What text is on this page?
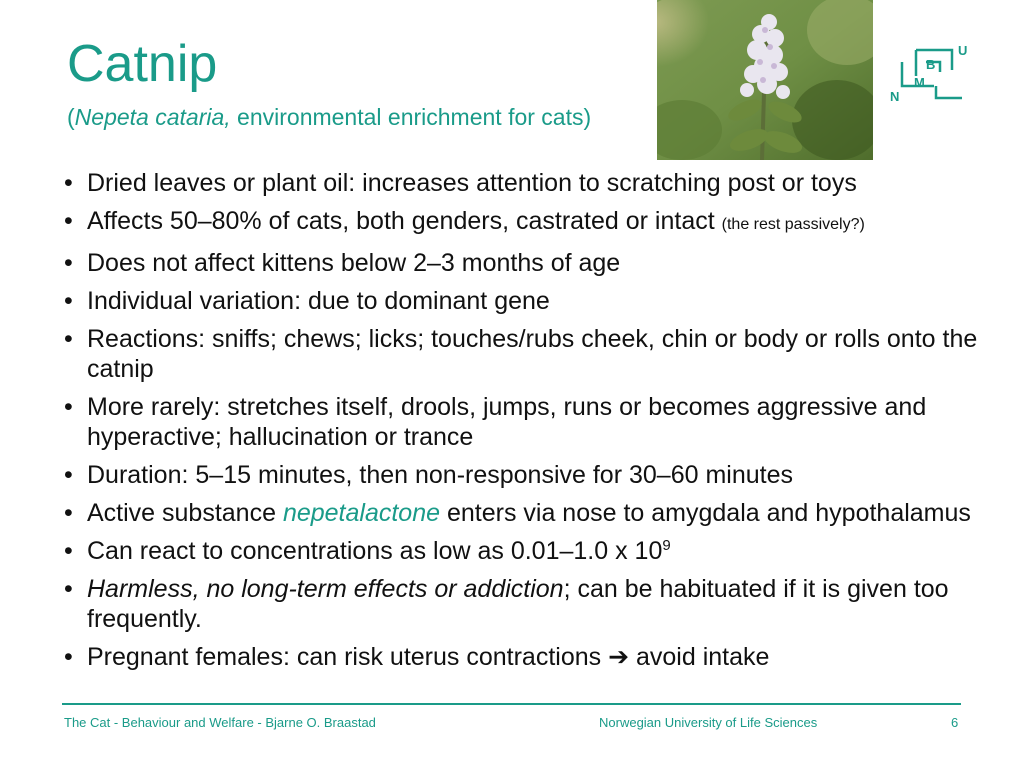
Catnip
(Nepeta cataria, environmental enrichment for cats)
U
B
M
N
• Dried leaves or plant oil: increases attention to scratching post or toys
• Affects 50–80% of cats, both genders, castrated or intact (the rest passively?)
• Does not affect kittens below 2–3 months of age
• Individual variation: due to dominant gene
• Reactions: sniffs; chews; licks; touches/rubs cheek, chin or body or rolls onto the catnip
• More rarely: stretches itself, drools, jumps, runs or becomes aggressive and hyperactive; hallucination or trance
• Duration: 5–15 minutes, then non-responsive for 30–60 minutes
• Active substance nepetalactone enters via nose to amygdala and hypothalamus
• Can react to concentrations as low as 0.01–1.0 x $10^9$
• Harmless, no long-term effects or addiction; can be habituated if it is given too frequently.
• Pregnant females: can risk uterus contractions ➔ avoid intake
The Cat - Behaviour and Welfare - Bjarne O. Braastad	Norwegian University of Life Sciences	6
